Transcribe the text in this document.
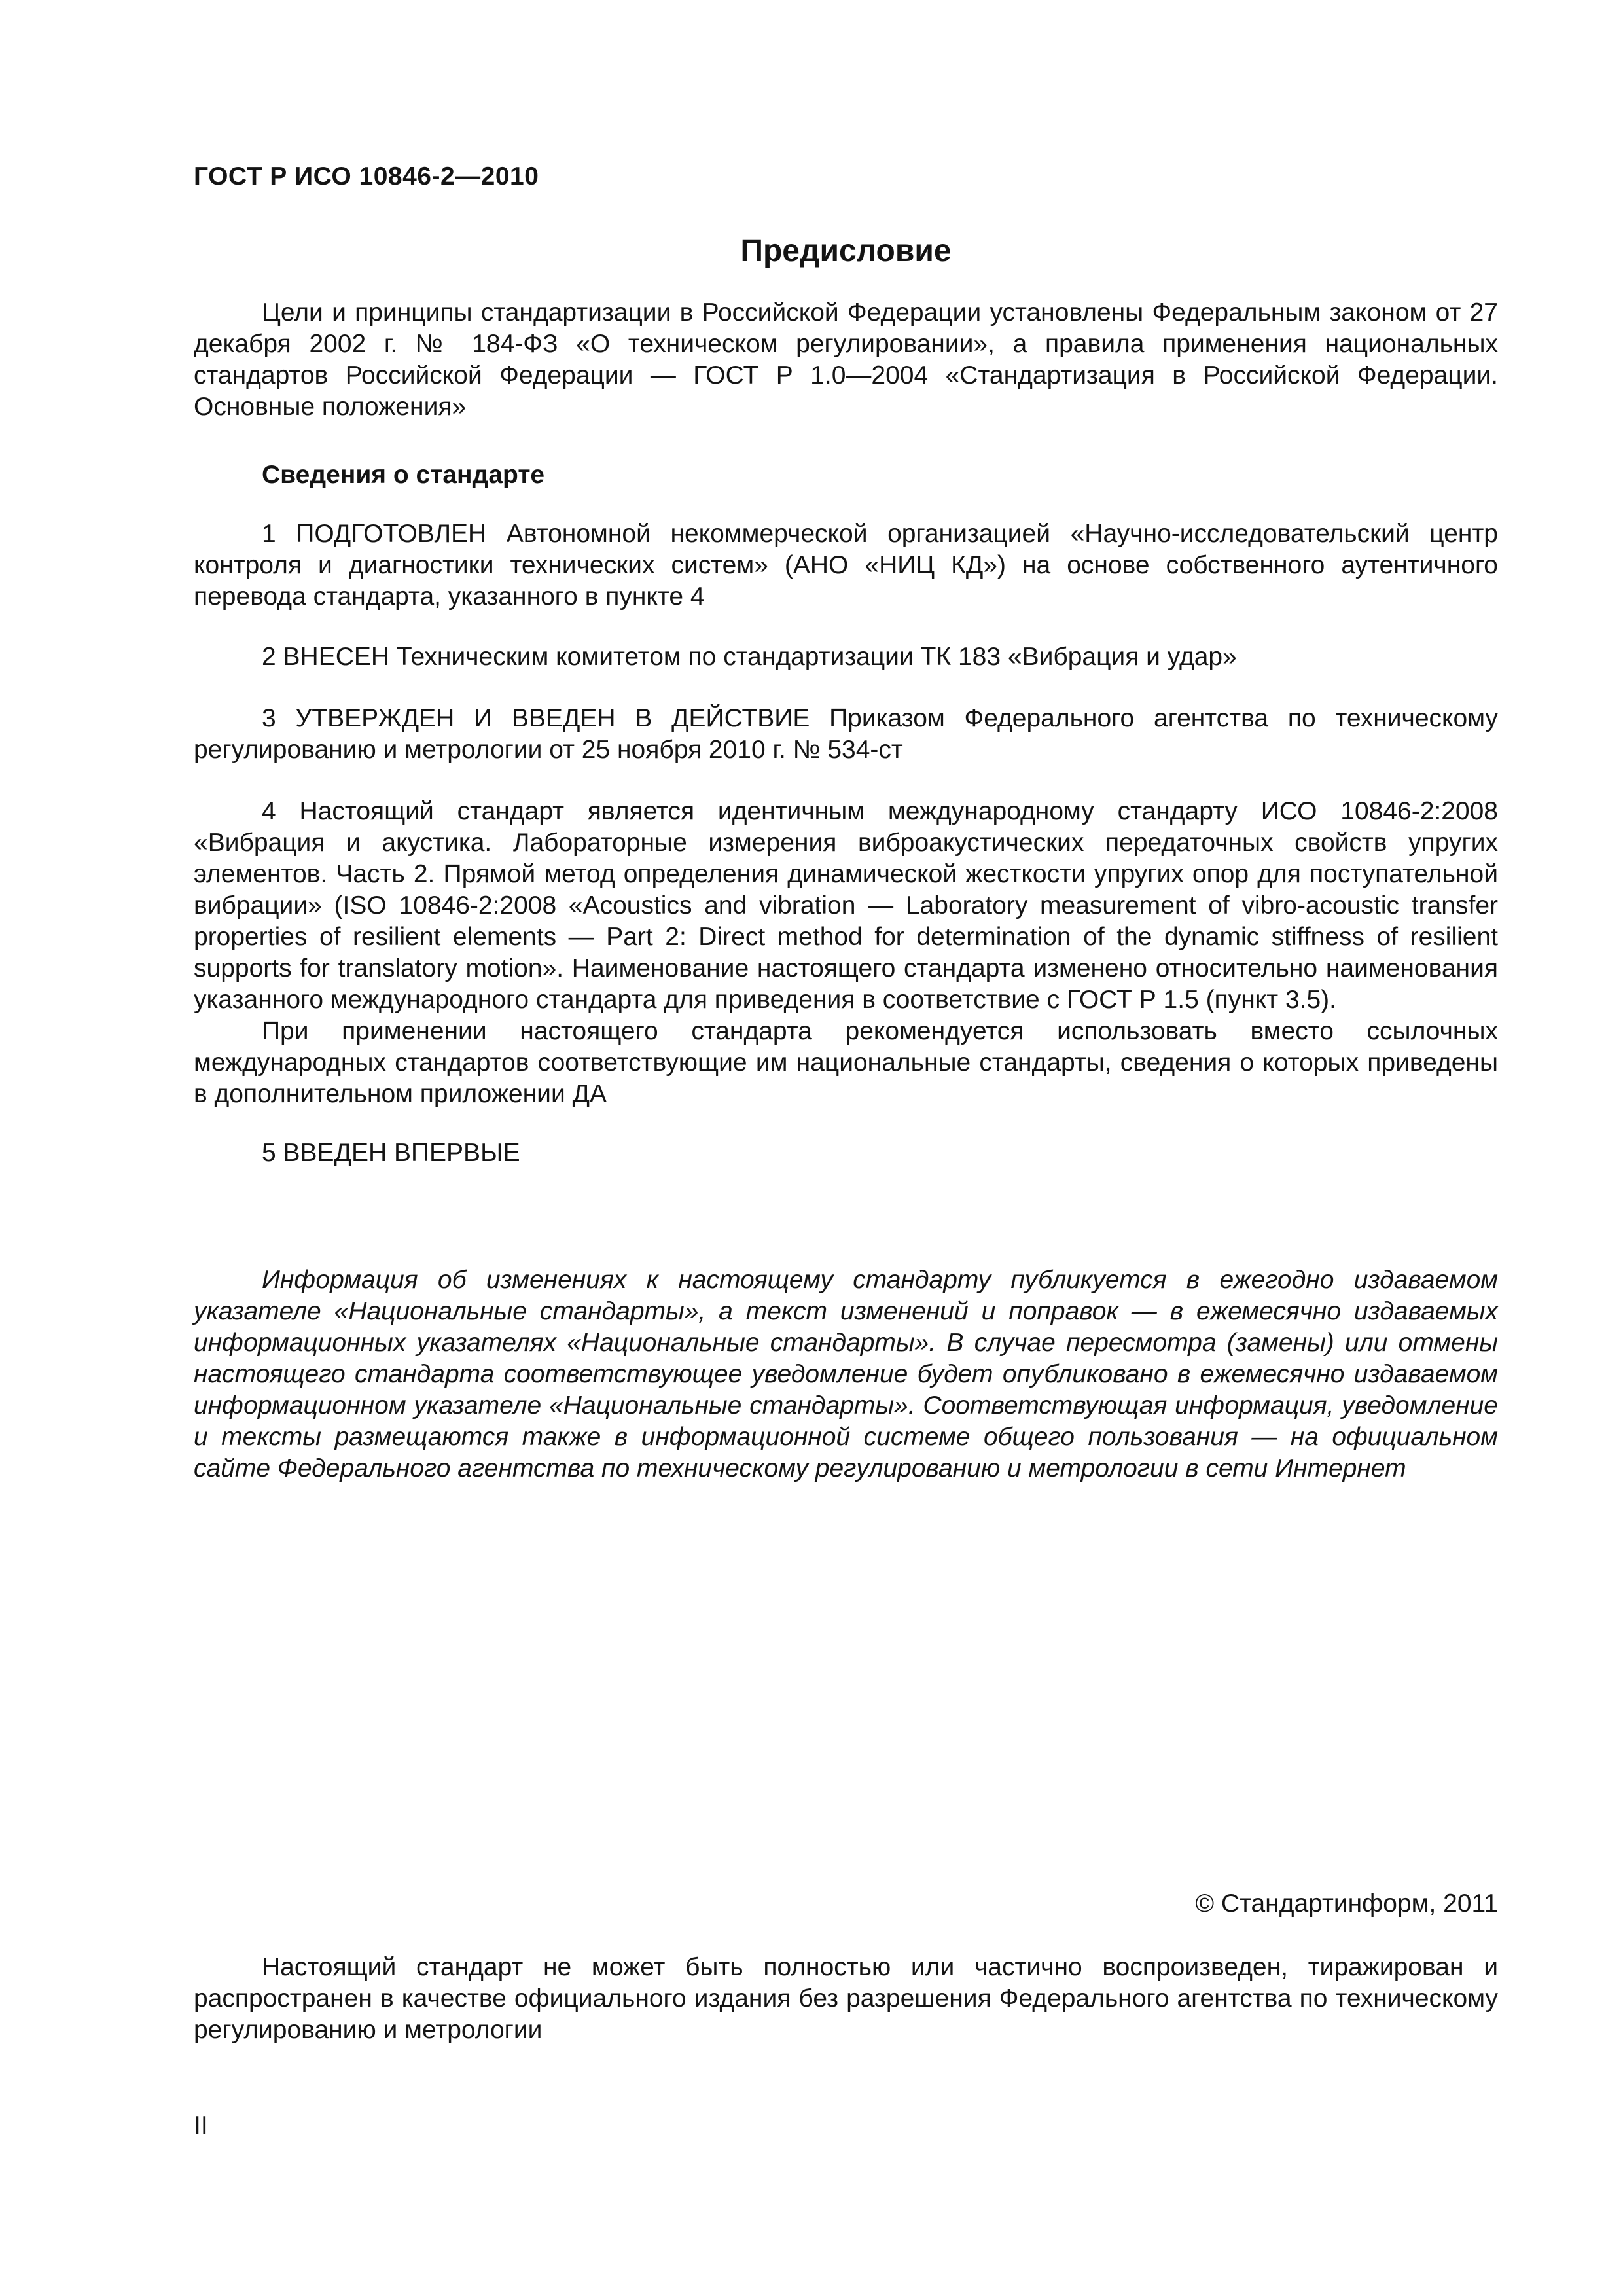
ГОСТ Р ИСО 10846-2—2010
Предисловие

Цели и принципы стандартизации в Российской Федерации установлены Федеральным законом от 27 декабря 2002 г. № 184-ФЗ «О техническом регулировании», а правила применения национальных стандартов Российской Федерации — ГОСТ Р 1.0—2004 «Стандартизация в Российской Федерации. Основные положения»

Сведения о стандарте

1 ПОДГОТОВЛЕН Автономной некоммерческой организацией «Научно-исследовательский центр контроля и диагностики технических систем» (АНО «НИЦ КД») на основе собственного аутентичного перевода стандарта, указанного в пункте 4

2 ВНЕСЕН Техническим комитетом по стандартизации ТК 183 «Вибрация и удар»

3 УТВЕРЖДЕН И ВВЕДЕН В ДЕЙСТВИЕ Приказом Федерального агентства по техническому регулированию и метрологии от 25 ноября 2010 г. № 534-ст

4 Настоящий стандарт является идентичным международному стандарту ИСО 10846-2:2008 «Вибрация и акустика. Лабораторные измерения виброакустических передаточных свойств упругих элементов. Часть 2. Прямой метод определения динамической жесткости упругих опор для поступательной вибрации» (ISO 10846-2:2008 «Acoustics and vibration — Laboratory measurement of vibro-acoustic transfer properties of resilient elements — Part 2: Direct method for determination of the dynamic stiffness of resilient supports for translatory motion». Наименование настоящего стандарта изменено относительно наименования указанного международного стандарта для приведения в соответствие с ГОСТ Р 1.5 (пункт 3.5).

При применении настоящего стандарта рекомендуется использовать вместо ссылочных международных стандартов соответствующие им национальные стандарты, сведения о которых приведены в дополнительном приложении ДА

5 ВВЕДЕН ВПЕРВЫЕ

Информация об изменениях к настоящему стандарту публикуется в ежегодно издаваемом указателе «Национальные стандарты», а текст изменений и поправок — в ежемесячно издаваемых информационных указателях «Национальные стандарты». В случае пересмотра (замены) или отмены настоящего стандарта соответствующее уведомление будет опубликовано в ежемесячно издаваемом информационном указателе «Национальные стандарты». Соответствующая информация, уведомление и тексты размещаются также в информационной системе общего пользования — на официальном сайте Федерального агентства по техническому регулированию и метрологии в сети Интернет

© Стандартинформ, 2011

Настоящий стандарт не может быть полностью или частично воспроизведен, тиражирован и распространен в качестве официального издания без разрешения Федерального агентства по техническому регулированию и метрологии

II
